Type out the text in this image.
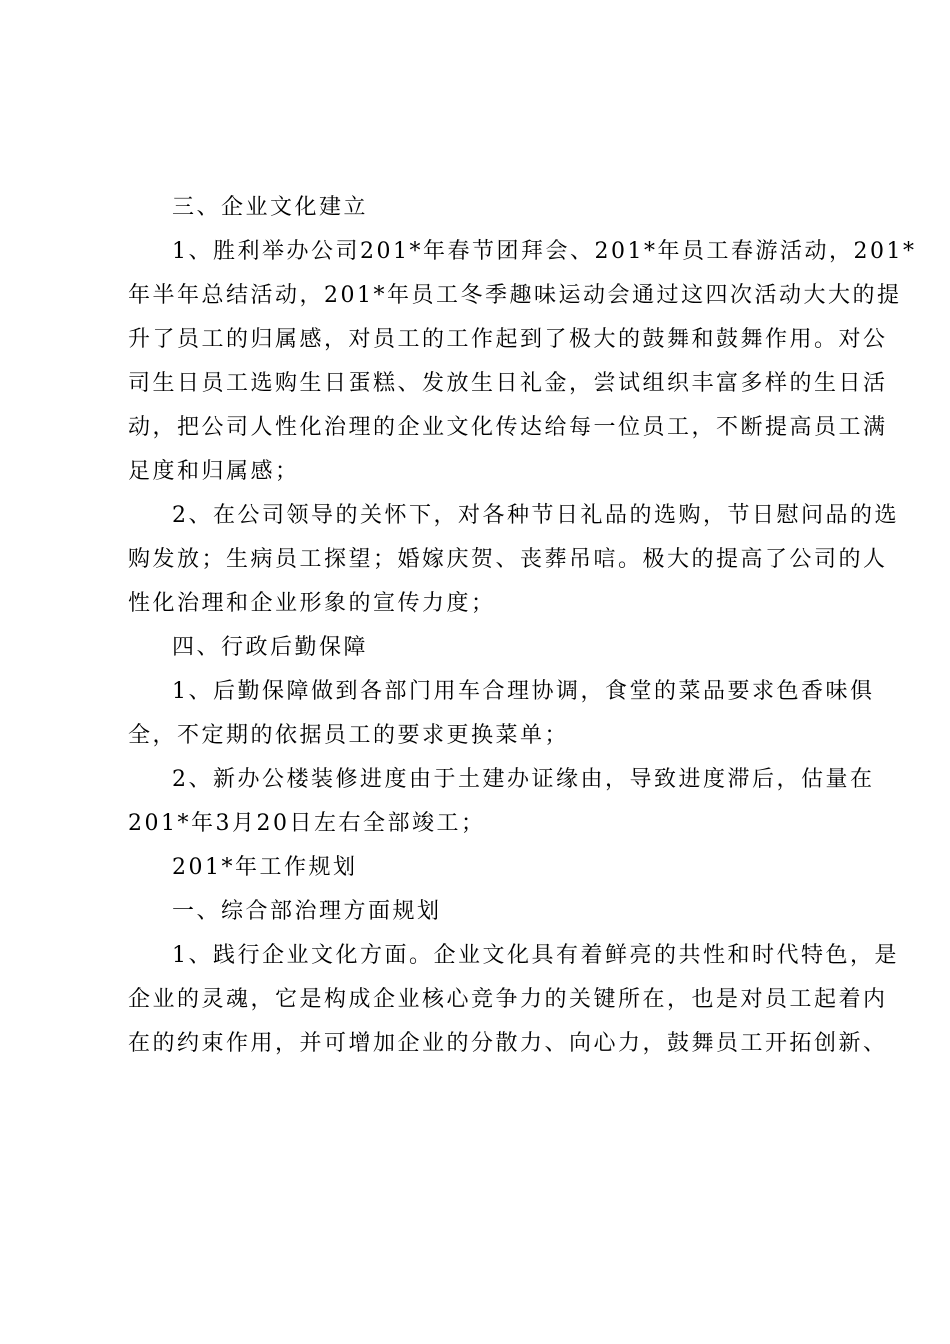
三、企业文化建立

1、胜利举办公司201*年春节团拜会、201*年员工春游活动，201*
年半年总结活动，201*年员工冬季趣味运动会通过这四次活动大大的提
升了员工的归属感，对员工的工作起到了极大的鼓舞和鼓舞作用。对公
司生日员工选购生日蛋糕、发放生日礼金，尝试组织丰富多样的生日活
动，把公司人性化治理的企业文化传达给每一位员工，不断提高员工满
足度和归属感；

2、在公司领导的关怀下，对各种节日礼品的选购，节日慰问品的选
购发放；生病员工探望；婚嫁庆贺、丧葬吊唁。极大的提高了公司的人
性化治理和企业形象的宣传力度；

四、行政后勤保障

1、后勤保障做到各部门用车合理协调，食堂的菜品要求色香味俱
全，不定期的依据员工的要求更换菜单；

2、新办公楼装修进度由于土建办证缘由，导致进度滞后，估量在
201*年3月20日左右全部竣工；

201*年工作规划

一、综合部治理方面规划

1、践行企业文化方面。企业文化具有着鲜亮的共性和时代特色，是
企业的灵魂，它是构成企业核心竞争力的关键所在，也是对员工起着内
在的约束作用，并可增加企业的分散力、向心力，鼓舞员工开拓创新、
